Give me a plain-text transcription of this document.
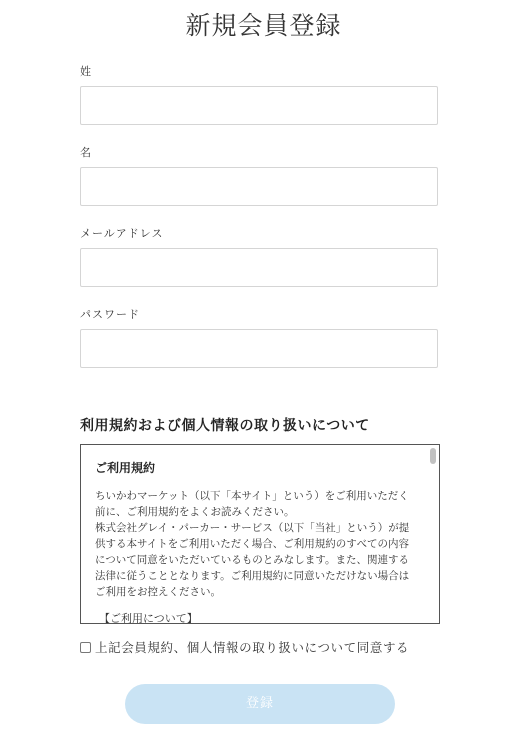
新規会員登録
姓
名
メールアドレス
パスワード
利用規約および個人情報の取り扱いについて

ご利用規約

ちいかわマーケット（以下「本サイト」という）をご利用いただく前に、ご利用規約をよくお読みください。

株式会社グレイ・パーカー・サービス（以下「当社」という）が提供する本サイトをご利用いただく場合、ご利用規約のすべての内容について同意をいただいているものとみなします。また、関連する法律に従うこととなります。ご利用規約に同意いただけない場合はご利用をお控えください。

【ご利用について】

上記会員規約、個人情報の取り扱いについて同意する
登録
